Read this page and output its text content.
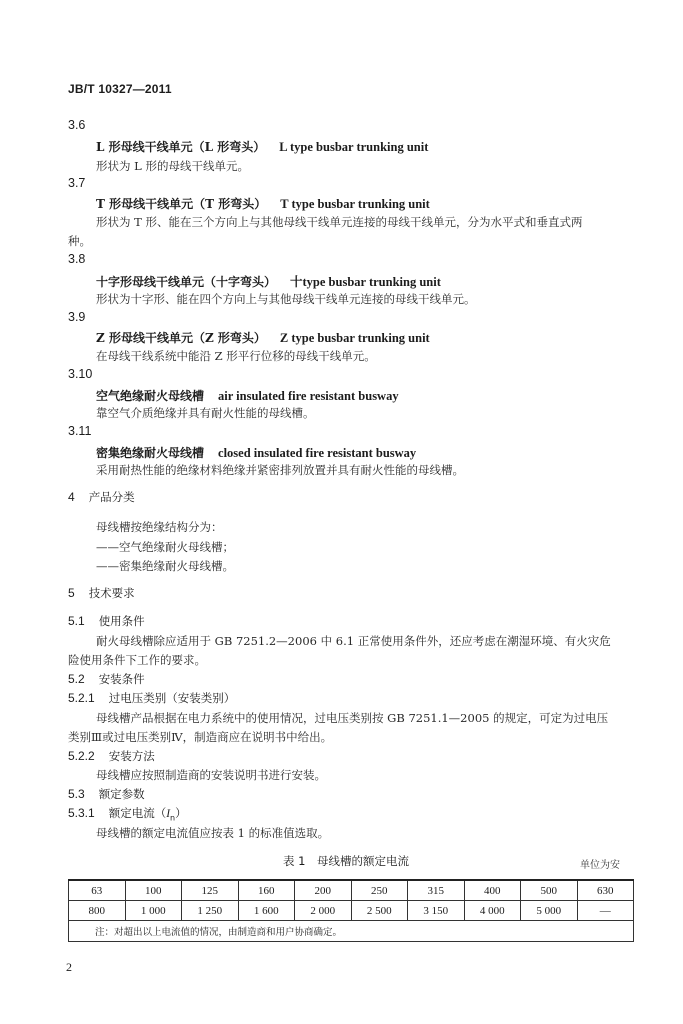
JB/T 10327—2011
3.6
L 形母线干线单元（L 形弯头） L type busbar trunking unit
形状为 L 形的母线干线单元。
3.7
T 形母线干线单元（T 形弯头） T type busbar trunking unit
形状为 T 形、能在三个方向上与其他母线干线单元连接的母线干线单元，分为水平式和垂直式两
种。
3.8
十字形母线干线单元（十字弯头） 十type busbar trunking unit
形状为十字形、能在四个方向上与其他母线干线单元连接的母线干线单元。
3.9
Z 形母线干线单元（Z 形弯头） Z type busbar trunking unit
在母线干线系统中能沿 Z 形平行位移的母线干线单元。
3.10
空气绝缘耐火母线槽 air insulated fire resistant busway
靠空气介质绝缘并具有耐火性能的母线槽。
3.11
密集绝缘耐火母线槽 closed insulated fire resistant busway
采用耐热性能的绝缘材料绝缘并紧密排列放置并具有耐火性能的母线槽。
4 产品分类
母线槽按绝缘结构分为：
——空气绝缘耐火母线槽；
——密集绝缘耐火母线槽。
5 技术要求
5.1 使用条件
耐火母线槽除应适用于 GB 7251.2—2006 中 6.1 正常使用条件外，还应考虑在潮湿环境、有火灾危
险使用条件下工作的要求。
5.2 安装条件
5.2.1 过电压类别（安装类别）
母线槽产品根据在电力系统中的使用情况，过电压类别按 GB 7251.1—2005 的规定，可定为过电压
类别Ⅲ或过电压类别Ⅳ，制造商应在说明书中给出。
5.2.2 安装方法
母线槽应按照制造商的安装说明书进行安装。
5.3 额定参数
5.3.1 额定电流$(I_n)$
母线槽的额定电流值应按表 1 的标准值选取。
表 1　母线槽的额定电流	单位为安
63	100	125	160	200	250	315	400	500	630
800	1 000	1 250	1 600	2 000	2 500	3 150	4 000	5 000	—
注：对超出以上电流值的情况，由制造商和用户协商确定。									
2
